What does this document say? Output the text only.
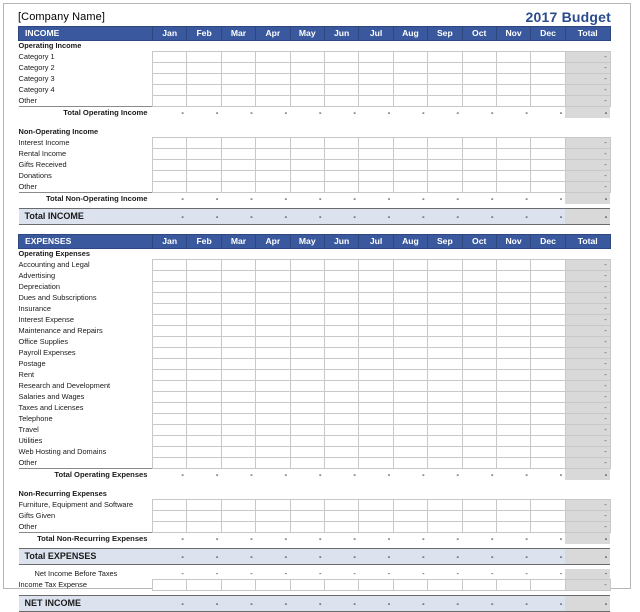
[Company Name]	2017 Budget
INCOME	Jan	Feb	Mar	Apr	May	Jun	Jul	Aug	Sep	Oct	Nov	Dec	Total
Operating Income													
Category 1													-
Category 2													-
Category 3													-
Category 4													-
Other													-
Total Operating Income	-	-	-	-	-	-	-	-	-	-	-	-	-

Non-Operating Income													
Interest Income													-
Rental Income													-
Gifts Received													-
Donations													-
Other													-
Total Non-Operating Income	-	-	-	-	-	-	-	-	-	-	-	-	-

Total INCOME	-	-	-	-	-	-	-	-	-	-	-	-	-
EXPENSES	Jan	Feb	Mar	Apr	May	Jun	Jul	Aug	Sep	Oct	Nov	Dec	Total
Operating Expenses													
Accounting and Legal													-
Advertising													-
Depreciation													-
Dues and Subscriptions													-
Insurance													-
Interest Expense													-
Maintenance and Repairs													-
Office Supplies													-
Payroll Expenses													-
Postage													-
Rent													-
Research and Development													-
Salaries and Wages													-
Taxes and Licenses													-
Telephone													-
Travel													-
Utilities													-
Web Hosting and Domains													-
Other													-
Total Operating Expenses	-	-	-	-	-	-	-	-	-	-	-	-	-

Non-Recurring Expenses													
Furniture, Equipment and Software													-
Gifts Given													-
Other													-
Total Non-Recurring Expenses	-	-	-	-	-	-	-	-	-	-	-	-	-

Total EXPENSES	-	-	-	-	-	-	-	-	-	-	-	-	-

Net Income Before Taxes	-	-	-	-	-	-	-	-	-	-	-	-	-
Income Tax Expense													-

NET INCOME	-	-	-	-	-	-	-	-	-	-	-	-	-
